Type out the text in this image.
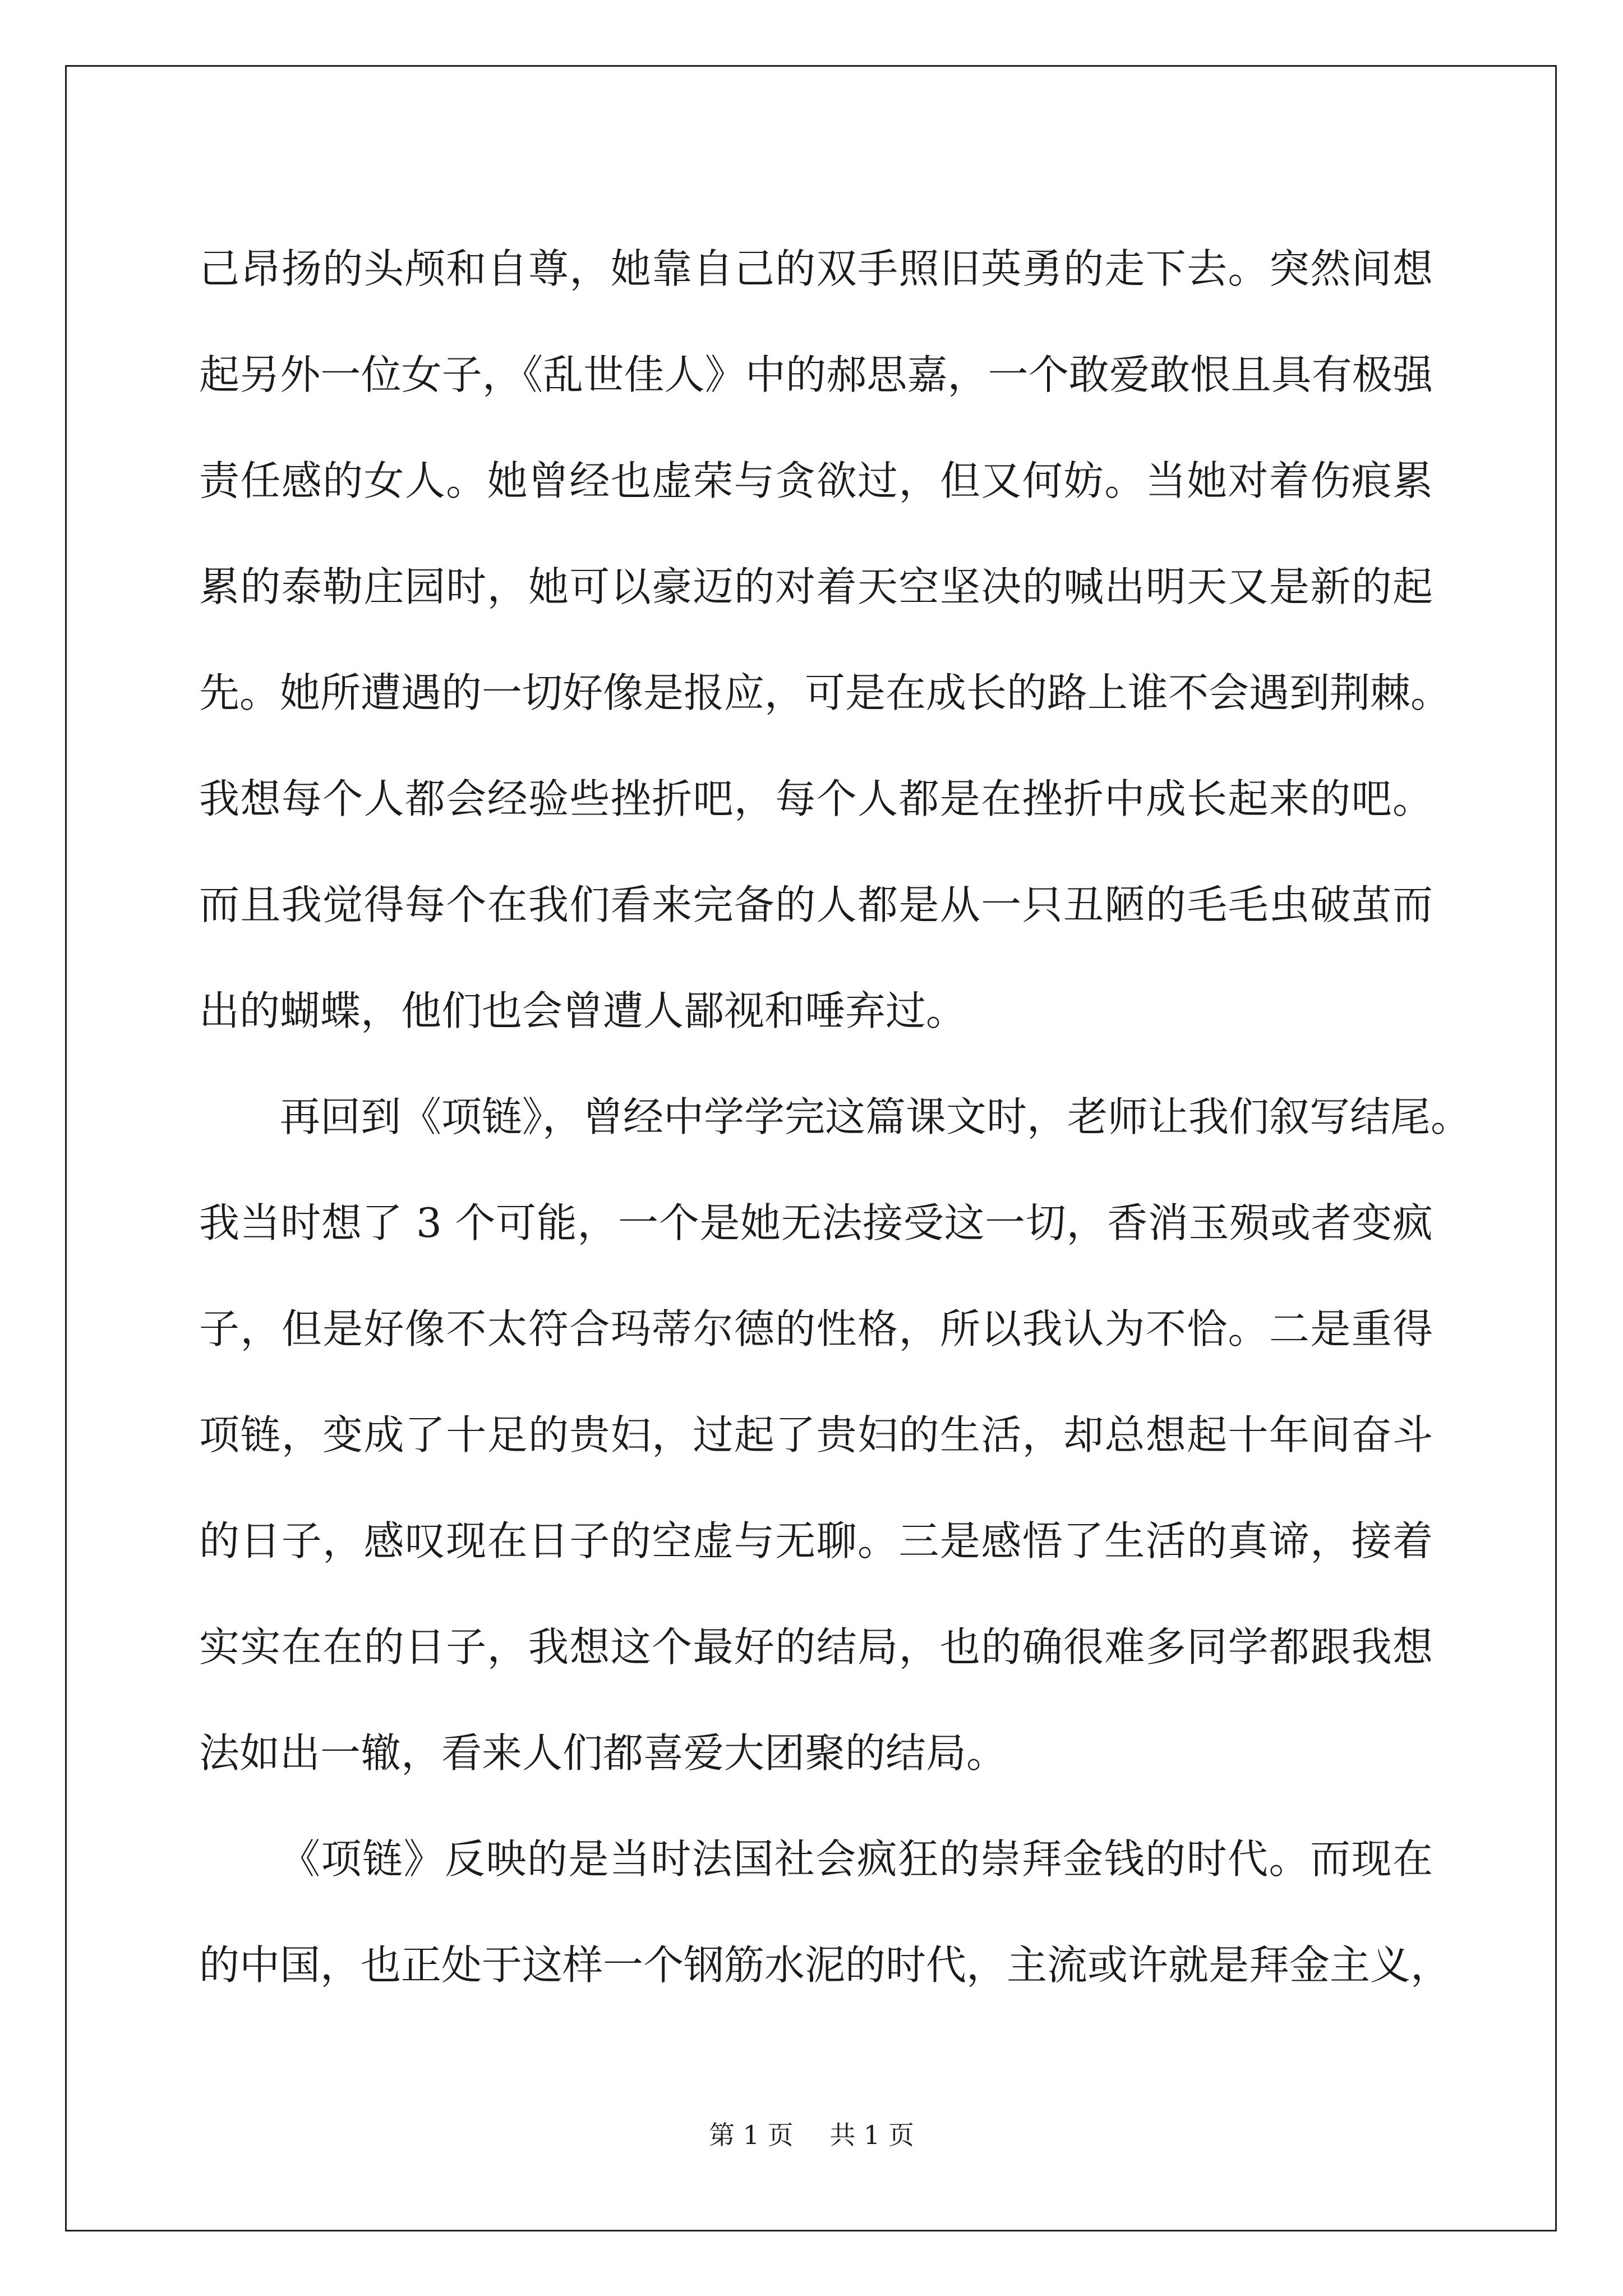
己昂扬的头颅和自尊，她靠自己的双手照旧英勇的走下去。突然间想
起另外一位女子，《乱世佳人》中的郝思嘉，一个敢爱敢恨且具有极强
责任感的女人。她曾经也虚荣与贪欲过，但又何妨。当她对着伤痕累
累的泰勒庄园时，她可以豪迈的对着天空坚决的喊出明天又是新的起
先。她所遭遇的一切好像是报应，可是在成长的路上谁不会遇到荆棘。
我想每个人都会经验些挫折吧，每个人都是在挫折中成长起来的吧。
而且我觉得每个在我们看来完备的人都是从一只丑陋的毛毛虫破茧而
出的蝴蝶，他们也会曾遭人鄙视和唾弃过。
再回到《项链》，曾经中学学完这篇课文时，老师让我们叙写结尾。
我当时想了 3 个可能，一个是她无法接受这一切，香消玉殒或者变疯
子，但是好像不太符合玛蒂尔德的性格，所以我认为不恰。二是重得
项链，变成了十足的贵妇，过起了贵妇的生活，却总想起十年间奋斗
的日子，感叹现在日子的空虚与无聊。三是感悟了生活的真谛，接着
实实在在的日子，我想这个最好的结局，也的确很难多同学都跟我想
法如出一辙，看来人们都喜爱大团聚的结局。
《项链》反映的是当时法国社会疯狂的崇拜金钱的时代。而现在
的中国，也正处于这样一个钢筋水泥的时代，主流或许就是拜金主义，
第 1 页 共 1 页
